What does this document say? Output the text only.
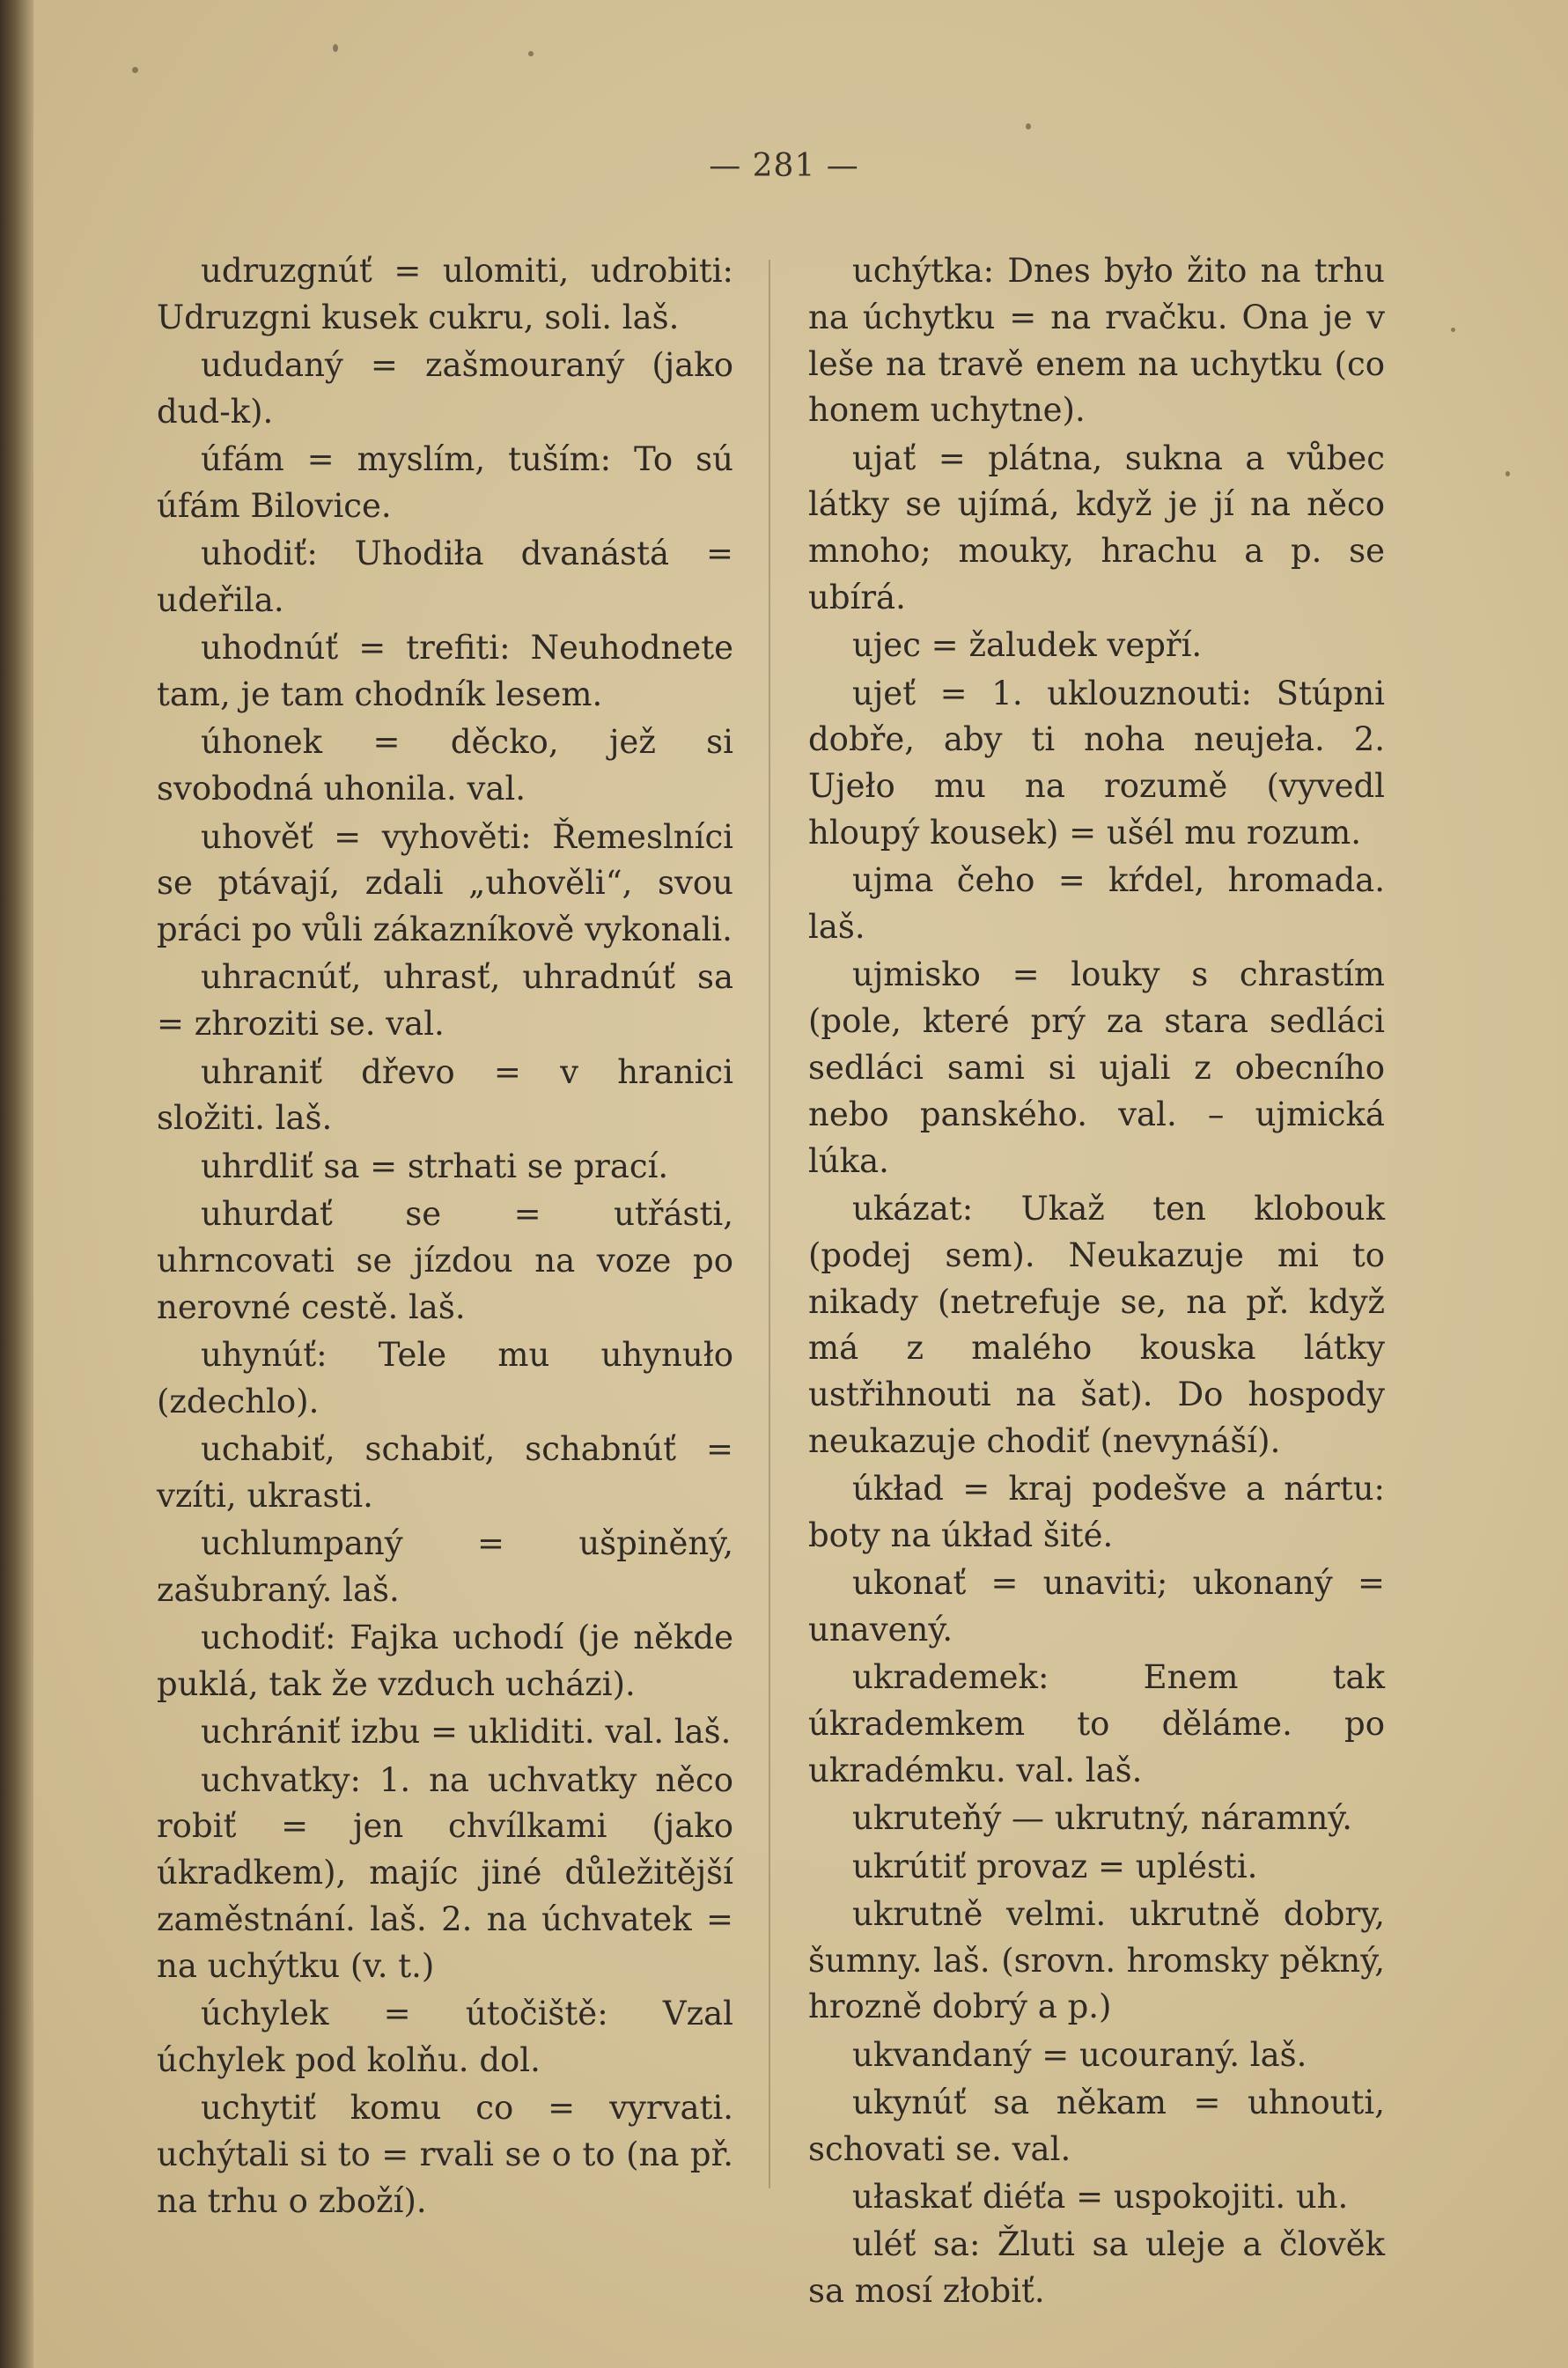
— 281 —

udruzgnúť = ulomiti, udrobiti: Udruzgni kusek cukru, soli. laš.

ududaný = zašmouraný (jako dud-k).

úfám = myslím, tuším: To sú úfám Bilovice.

uhodiť: Uhodiła dvanástá = udeřila.

uhodnúť = trefiti: Neuhodnete tam, je tam chodník lesem.

úhonek = děcko, jež si svobodná uhonila. val.

uhověť = vyhověti: Řemeslníci se ptávají, zdali „uhověli“, svou práci po vůli zákazníkově vykonali.

uhracnúť, uhrasť, uhradnúť sa = zhroziti se. val.

uhraniť dřevo = v hranici složiti. laš.

uhrdliť sa = strhati se prací.

uhurdať se = utřásti, uhrncovati se jízdou na voze po nerovné cestě. laš.

uhynúť: Tele mu uhynuło (zdechlo).

uchabiť, schabiť, schabnúť = vzíti, ukrasti.

uchlumpaný = ušpiněný, zašubraný. laš.

uchodiť: Fajka uchodí (je někde puklá, tak že vzduch ucházi).

uchrániť izbu = ukliditi. val. laš.

uchvatky: 1. na uchvatky něco robiť = jen chvílkami (jako úkradkem), majíc jiné důležitější zaměstnání. laš. 2. na úchvatek = na uchýtku (v. t.)

úchylek = útočiště: Vzal úchylek pod kolňu. dol.

uchytiť komu co = vyrvati. uchýtali si to = rvali se o to (na př. na trhu o zboží).

uchýtka: Dnes było žito na trhu na úchytku = na rvačku. Ona je v leše na travě enem na uchytku (co honem uchytne).

ujať = plátna, sukna a vůbec látky se ujímá, když je jí na něco mnoho; mouky, hrachu a p. se ubírá.

ujec = žaludek vepří.

ujeť = 1. uklouznouti: Stúpni dobře, aby ti noha neujeła. 2. Ujeło mu na rozumě (vyvedl hloupý kousek) = ušél mu rozum.

ujma čeho = kŕdel, hromada. laš.

ujmisko = louky s chrastím (pole, které prý za stara sedláci sedláci sami si ujali z obecního nebo panského. val. – ujmická lúka.

ukázat: Ukaž ten klobouk (podej sem). Neukazuje mi to nikady (netrefuje se, na př. když má z malého kouska látky ustřihnouti na šat). Do hospody neukazuje chodiť (nevynáší).

úkład = kraj podešve a nártu: boty na úkład šité.

ukonať = unaviti; ukonaný = unavený.

ukrademek: Enem tak úkrademkem to děláme. po ukradémku. val. laš.

ukruteňý — ukrutný, náramný.

ukrútiť provaz = uplésti.

ukrutně velmi. ukrutně dobry, šumny. laš. (srovn. hromsky pěkný, hrozně dobrý a p.)

ukvandaný = ucouraný. laš.

ukynúť sa někam = uhnouti, schovati se. val.

ułaskať diéťa = uspokojiti. uh.

uléť sa: Žluti sa uleje a člověk sa mosí złobiť.
